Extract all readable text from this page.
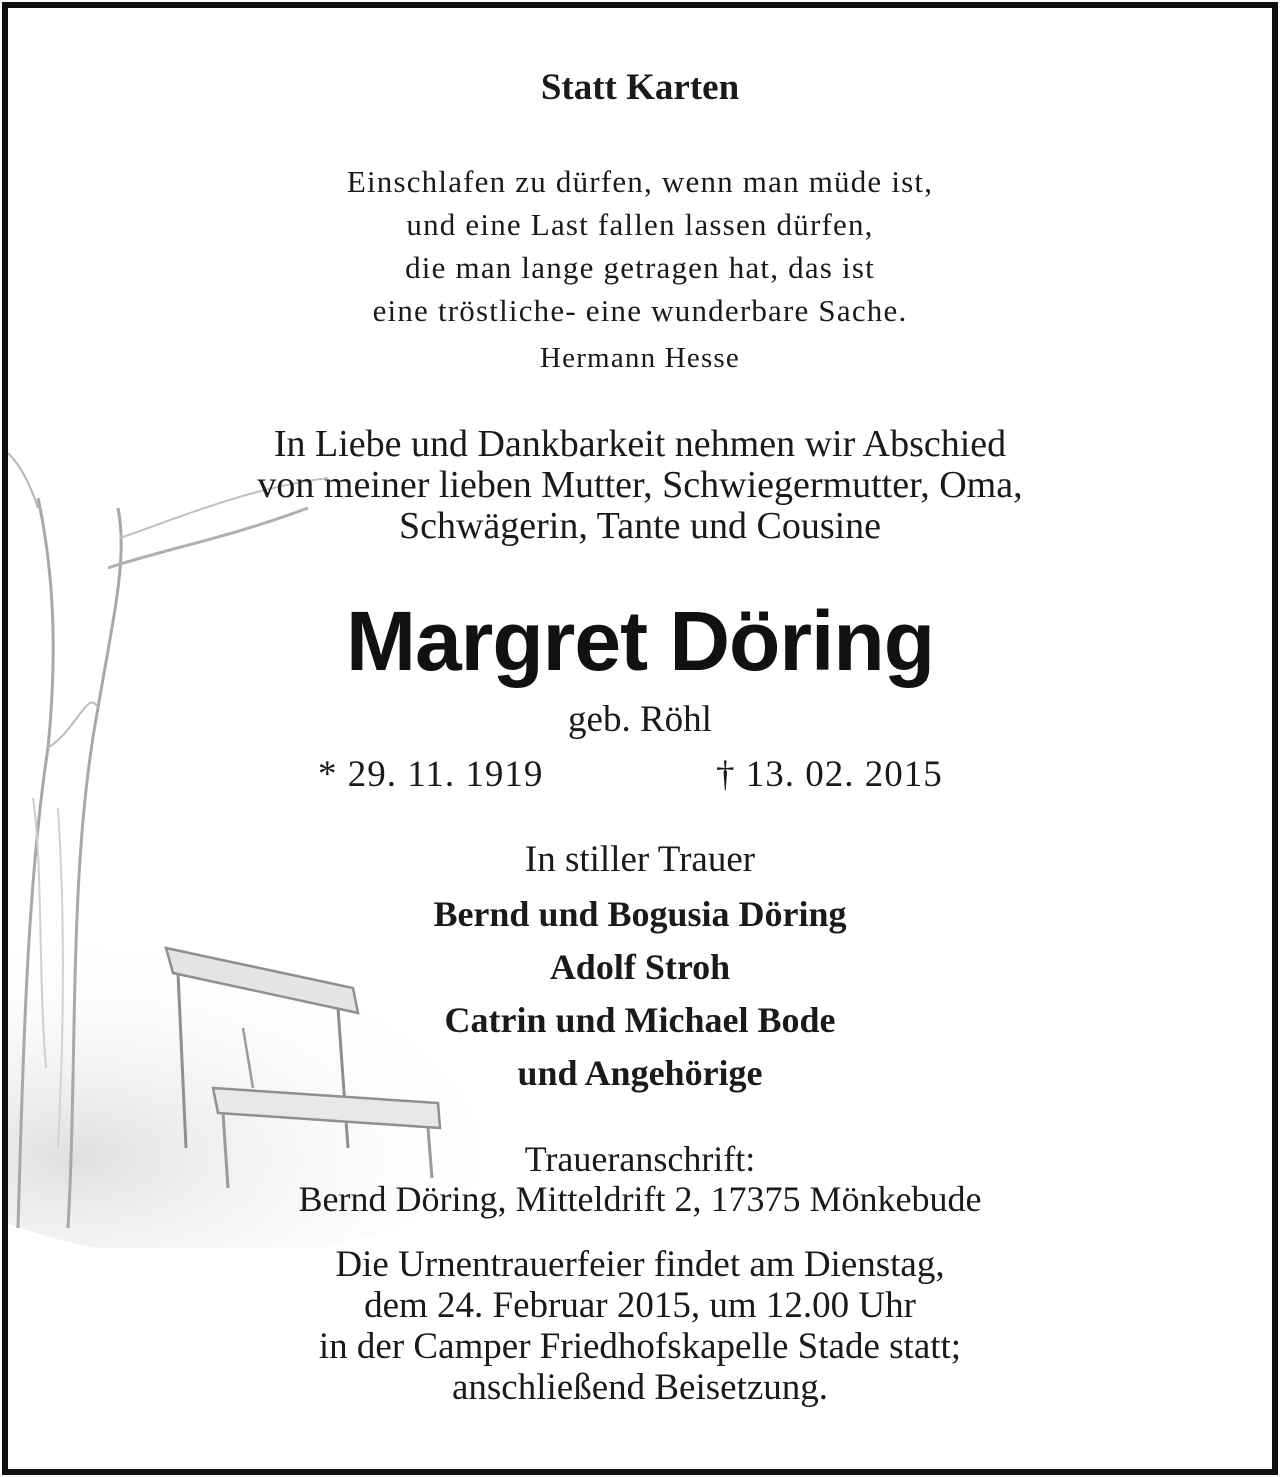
Statt Karten
Einschlafen zu dürfen, wenn man müde ist,
und eine Last fallen lassen dürfen,
die man lange getragen hat, das ist
eine tröstliche- eine wunderbare Sache.
Hermann Hesse
In Liebe und Dankbarkeit nehmen wir Abschied
von meiner lieben Mutter, Schwiegermutter, Oma,
Schwägerin, Tante und Cousine
Margret Döring
geb. Röhl
* 29. 11. 1919	† 13. 02. 2015
In stiller Trauer
Bernd und Bogusia Döring
Adolf Stroh
Catrin und Michael Bode
und Angehörige
Traueranschrift:
Bernd Döring, Mitteldrift 2, 17375 Mönkebude
Die Urnentrauerfeier findet am Dienstag,
dem 24. Februar 2015, um 12.00 Uhr
in der Camper Friedhofskapelle Stade statt;
anschließend Beisetzung.
